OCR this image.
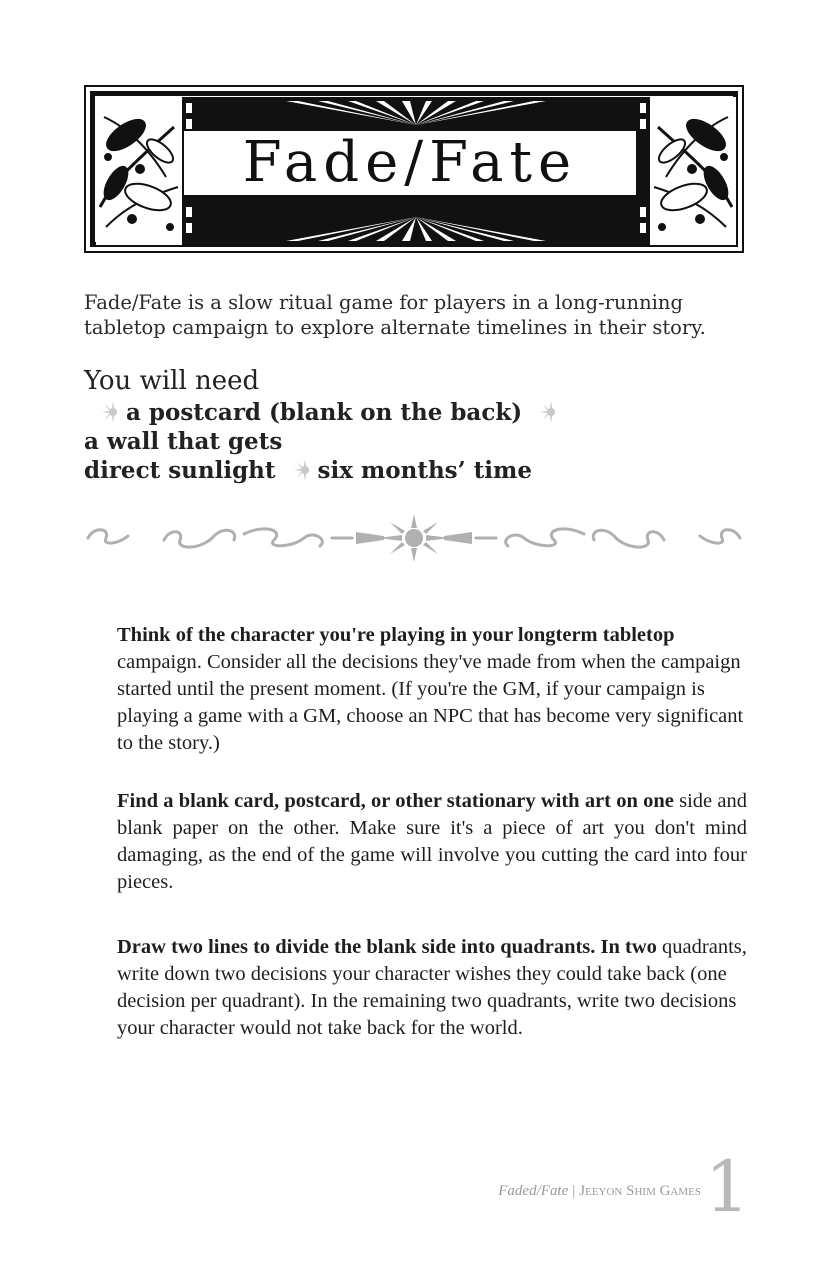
Fade/Fate
Fade/Fate is a slow ritual game for players in a long-running tabletop campaign to explore alternate timelines in their story.
You will need
a postcard (blank on the back)a wall that gets
direct sunlight six months’ time
Think of the character you're playing in your longterm tabletop campaign. Consider all the decisions they've made from when the campaign started until the present moment. (If you're the GM, if your campaign is playing a game with a GM, choose an NPC that has become very significant to the story.)
Find a blank card, postcard, or other stationary with art on one side and blank paper on the other. Make sure it's a piece of art you don't mind damaging, as the end of the game will involve you cutting the card into four pieces.
Draw two lines to divide the blank side into quadrants. In two quadrants, write down two decisions your character wishes they could take back (one decision per quadrant). In the remaining two quadrants, write two decisions your character would not take back for the world.
Faded/Fate | Jeeyon Shim Games 1
